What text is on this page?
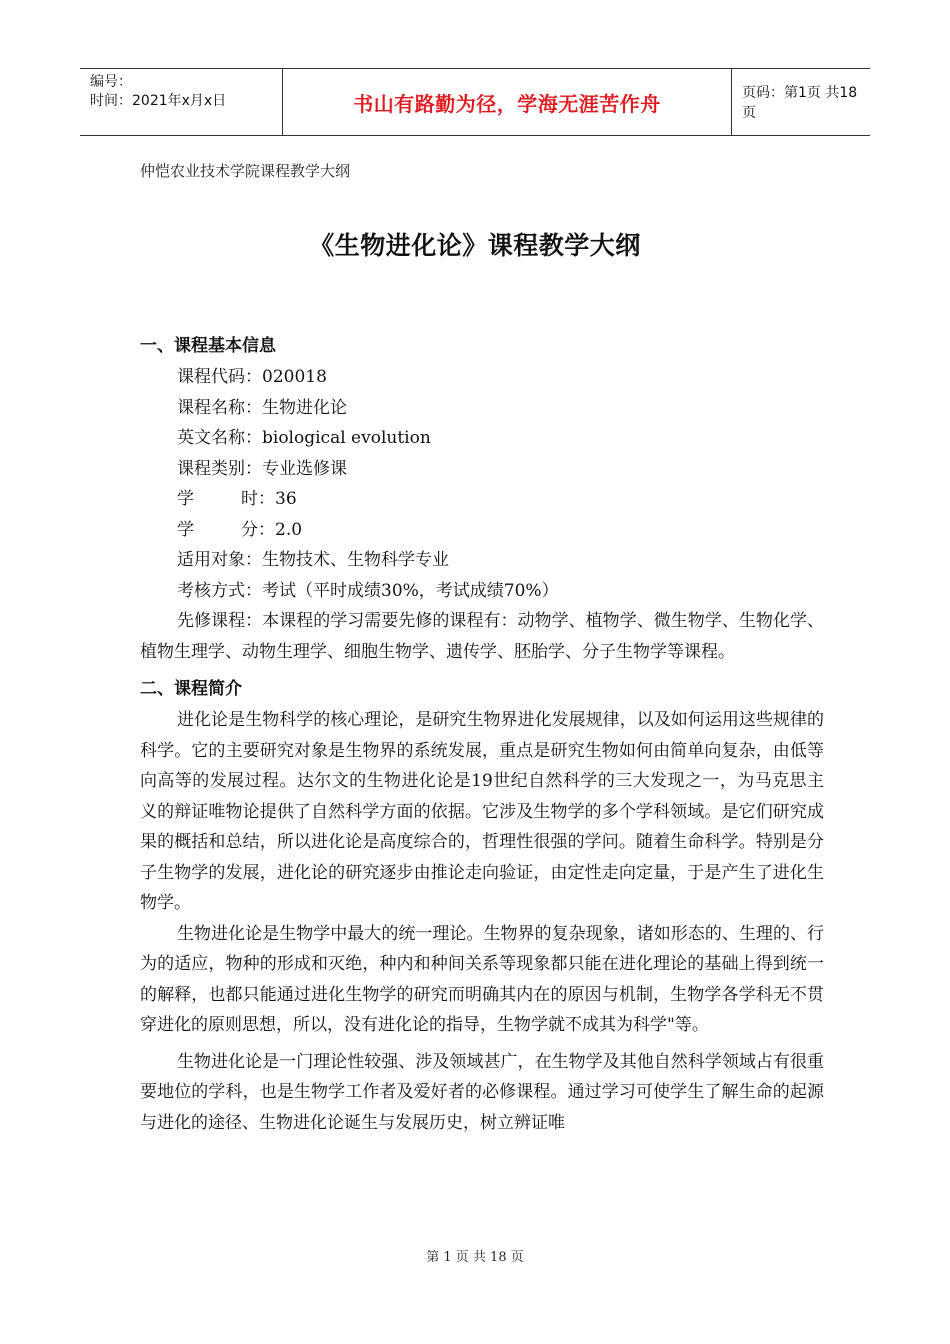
编号：
时间：2021年x月x日	书山有路勤为径，学海无涯苦作舟	页码：第1页 共18页
仲恺农业技术学院课程教学大纲
《生物进化论》课程教学大纲
一、课程基本信息
课程代码：020018
课程名称：生物进化论
英文名称：biological evolution
课程类别：专业选修课
学	时 ：36
学	分 ：2.0
适用对象：生物技术、生物科学专业
考核方式：考试（平时成绩30%，考试成绩70%）

先修课程：本课程的学习需要先修的课程有：动物学、植物学、微生物学、生物化学、植物生理学、动物生理学、细胞生物学、遗传学、胚胎学、分子生物学等课程。

二、课程简介

进化论是生物科学的核心理论，是研究生物界进化发展规律，以及如何运用这些规律的科学。它的主要研究对象是生物界的系统发展，重点是研究生物如何由简单向复杂，由低等向高等的发展过程。达尔文的生物进化论是19世纪自然科学的三大发现之一，为马克思主义的辩证唯物论提供了自然科学方面的依据。它涉及生物学的多个学科领域。是它们研究成果的概括和总结，所以进化论是高度综合的，哲理性很强的学问。随着生命科学。特别是分子生物学的发展，进化论的研究逐步由推论走向验证，由定性走向定量，于是产生了进化生物学。

生物进化论是生物学中最大的统一理论。生物界的复杂现象，诸如形态的、生理的、行为的适应，物种的形成和灭绝，种内和种间关系等现象都只能在进化理论的基础上得到统一的解释，也都只能通过进化生物学的研究而明确其内在的原因与机制，生物学各学科无不贯穿进化的原则思想，所以，没有进化论的指导，生物学就不成其为科学"等。

生物进化论是一门理论性较强、涉及领域甚广，在生物学及其他自然科学领域占有很重要地位的学科，也是生物学工作者及爱好者的必修课程。通过学习可使学生了解生命的起源与进化的途径、生物进化论诞生与发展历史，树立辨证唯

第 1 页 共 18 页
